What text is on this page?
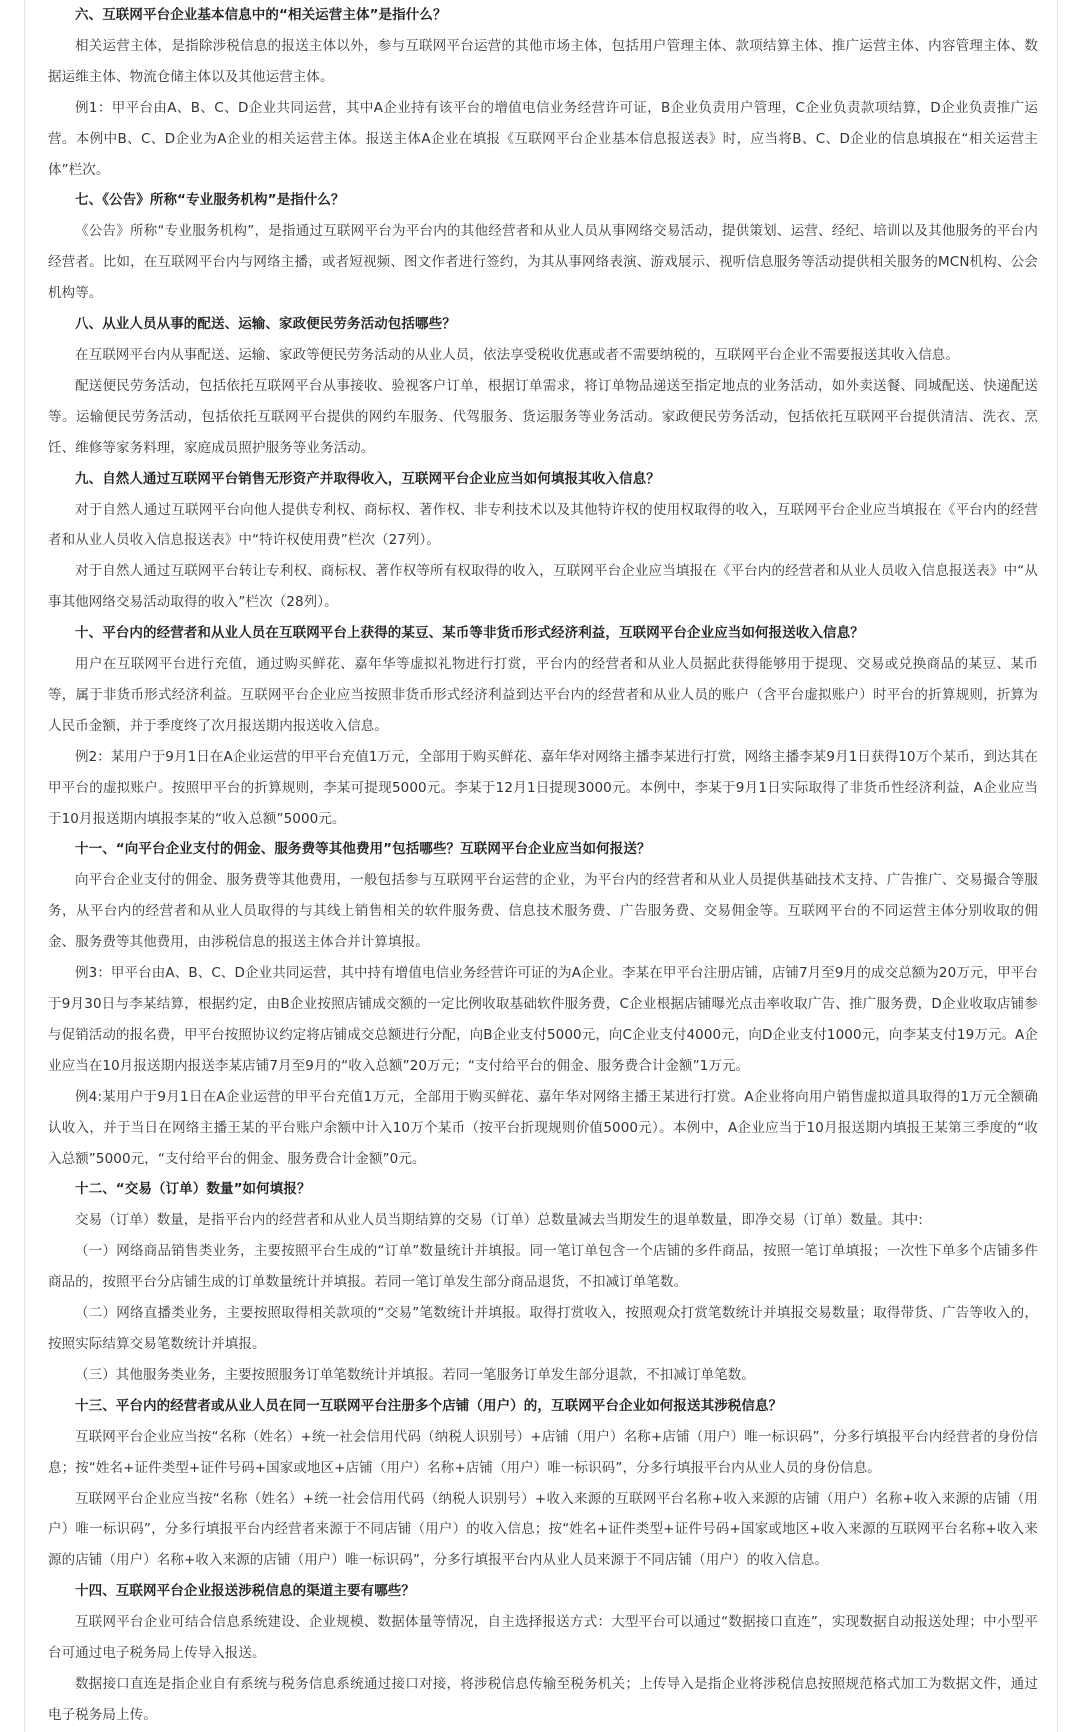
六、互联网平台企业基本信息中的“相关运营主体”是指什么？

相关运营主体，是指除涉税信息的报送主体以外，参与互联网平台运营的其他市场主体，包括用户管理主体、款项结算主体、推广运营主体、内容管理主体、数据运维主体、物流仓储主体以及其他运营主体。

例1：甲平台由A、B、C、D企业共同运营，其中A企业持有该平台的增值电信业务经营许可证，B企业负责用户管理，C企业负责款项结算，D企业负责推广运营。本例中B、C、D企业为A企业的相关运营主体。报送主体A企业在填报《互联网平台企业基本信息报送表》时，应当将B、C、D企业的信息填报在“相关运营主体”栏次。

七、《公告》所称“专业服务机构”是指什么？

《公告》所称“专业服务机构”，是指通过互联网平台为平台内的其他经营者和从业人员从事网络交易活动，提供策划、运营、经纪、培训以及其他服务的平台内经营者。比如，在互联网平台内与网络主播，或者短视频、图文作者进行签约，为其从事网络表演、游戏展示、视听信息服务等活动提供相关服务的MCN机构、公会机构等。

八、从业人员从事的配送、运输、家政便民劳务活动包括哪些？

在互联网平台内从事配送、运输、家政等便民劳务活动的从业人员，依法享受税收优惠或者不需要纳税的，互联网平台企业不需要报送其收入信息。

配送便民劳务活动，包括依托互联网平台从事接收、验视客户订单，根据订单需求，将订单物品递送至指定地点的业务活动，如外卖送餐、同城配送、快递配送等。运输便民劳务活动，包括依托互联网平台提供的网约车服务、代驾服务、货运服务等业务活动。家政便民劳务活动，包括依托互联网平台提供清洁、洗衣、烹饪、维修等家务料理，家庭成员照护服务等业务活动。

九、自然人通过互联网平台销售无形资产并取得收入，互联网平台企业应当如何填报其收入信息？

对于自然人通过互联网平台向他人提供专利权、商标权、著作权、非专利技术以及其他特许权的使用权取得的收入，互联网平台企业应当填报在《平台内的经营者和从业人员收入信息报送表》中“特许权使用费”栏次（27列）。

对于自然人通过互联网平台转让专利权、商标权、著作权等所有权取得的收入，互联网平台企业应当填报在《平台内的经营者和从业人员收入信息报送表》中“从事其他网络交易活动取得的收入”栏次（28列）。

十、平台内的经营者和从业人员在互联网平台上获得的某豆、某币等非货币形式经济利益，互联网平台企业应当如何报送收入信息？

用户在互联网平台进行充值，通过购买鲜花、嘉年华等虚拟礼物进行打赏，平台内的经营者和从业人员据此获得能够用于提现、交易或兑换商品的某豆、某币等，属于非货币形式经济利益。互联网平台企业应当按照非货币形式经济利益到达平台内的经营者和从业人员的账户（含平台虚拟账户）时平台的折算规则，折算为人民币金额，并于季度终了次月报送期内报送收入信息。

例2：某用户于9月1日在A企业运营的甲平台充值1万元，全部用于购买鲜花、嘉年华对网络主播李某进行打赏，网络主播李某9月1日获得10万个某币，到达其在甲平台的虚拟账户。按照甲平台的折算规则，李某可提现5000元。李某于12月1日提现3000元。本例中，李某于9月1日实际取得了非货币性经济利益，A企业应当于10月报送期内填报李某的“收入总额”5000元。

十一、“向平台企业支付的佣金、服务费等其他费用”包括哪些？互联网平台企业应当如何报送？

向平台企业支付的佣金、服务费等其他费用，一般包括参与互联网平台运营的企业，为平台内的经营者和从业人员提供基础技术支持、广告推广、交易撮合等服务，从平台内的经营者和从业人员取得的与其线上销售相关的软件服务费、信息技术服务费、广告服务费、交易佣金等。互联网平台的不同运营主体分别收取的佣金、服务费等其他费用，由涉税信息的报送主体合并计算填报。

例3：甲平台由A、B、C、D企业共同运营，其中持有增值电信业务经营许可证的为A企业。李某在甲平台注册店铺，店铺7月至9月的成交总额为20万元，甲平台于9月30日与李某结算，根据约定，由B企业按照店铺成交额的一定比例收取基础软件服务费，C企业根据店铺曝光点击率收取广告、推广服务费，D企业收取店铺参与促销活动的报名费，甲平台按照协议约定将店铺成交总额进行分配，向B企业支付5000元，向C企业支付4000元，向D企业支付1000元，向李某支付19万元。A企业应当在10月报送期内报送李某店铺7月至9月的“收入总额”20万元；“支付给平台的佣金、服务费合计金额”1万元。

例4:某用户于9月1日在A企业运营的甲平台充值1万元，全部用于购买鲜花、嘉年华对网络主播王某进行打赏。A企业将向用户销售虚拟道具取得的1万元全额确认收入，并于当日在网络主播王某的平台账户余额中计入10万个某币（按平台折现规则价值5000元）。本例中，A企业应当于10月报送期内填报王某第三季度的“收入总额”5000元，“支付给平台的佣金、服务费合计金额”0元。

十二、“交易（订单）数量”如何填报？

交易（订单）数量，是指平台内的经营者和从业人员当期结算的交易（订单）总数量减去当期发生的退单数量，即净交易（订单）数量。其中:

（一）网络商品销售类业务，主要按照平台生成的“订单”数量统计并填报。同一笔订单包含一个店铺的多件商品，按照一笔订单填报；一次性下单多个店铺多件商品的，按照平台分店铺生成的订单数量统计并填报。若同一笔订单发生部分商品退货，不扣减订单笔数。

（二）网络直播类业务，主要按照取得相关款项的“交易”笔数统计并填报。取得打赏收入，按照观众打赏笔数统计并填报交易数量；取得带货、广告等收入的，按照实际结算交易笔数统计并填报。

（三）其他服务类业务，主要按照服务订单笔数统计并填报。若同一笔服务订单发生部分退款，不扣减订单笔数。

十三、平台内的经营者或从业人员在同一互联网平台注册多个店铺（用户）的，互联网平台企业如何报送其涉税信息？

互联网平台企业应当按“名称（姓名）+统一社会信用代码（纳税人识别号）+店铺（用户）名称+店铺（用户）唯一标识码”，分多行填报平台内经营者的身份信息；按“姓名+证件类型+证件号码+国家或地区+店铺（用户）名称+店铺（用户）唯一标识码”，分多行填报平台内从业人员的身份信息。

互联网平台企业应当按“名称（姓名）+统一社会信用代码（纳税人识别号）+收入来源的互联网平台名称+收入来源的店铺（用户）名称+收入来源的店铺（用户）唯一标识码”，分多行填报平台内经营者来源于不同店铺（用户）的收入信息；按“姓名+证件类型+证件号码+国家或地区+收入来源的互联网平台名称+收入来源的店铺（用户）名称+收入来源的店铺（用户）唯一标识码”，分多行填报平台内从业人员来源于不同店铺（用户）的收入信息。

十四、互联网平台企业报送涉税信息的渠道主要有哪些？

互联网平台企业可结合信息系统建设、企业规模、数据体量等情况，自主选择报送方式：大型平台可以通过“数据接口直连”，实现数据自动报送处理；中小型平台可通过电子税务局上传导入报送。

数据接口直连是指企业自有系统与税务信息系统通过接口对接，将涉税信息传输至税务机关；上传导入是指企业将涉税信息按照规范格式加工为数据文件，通过电子税务局上传。
